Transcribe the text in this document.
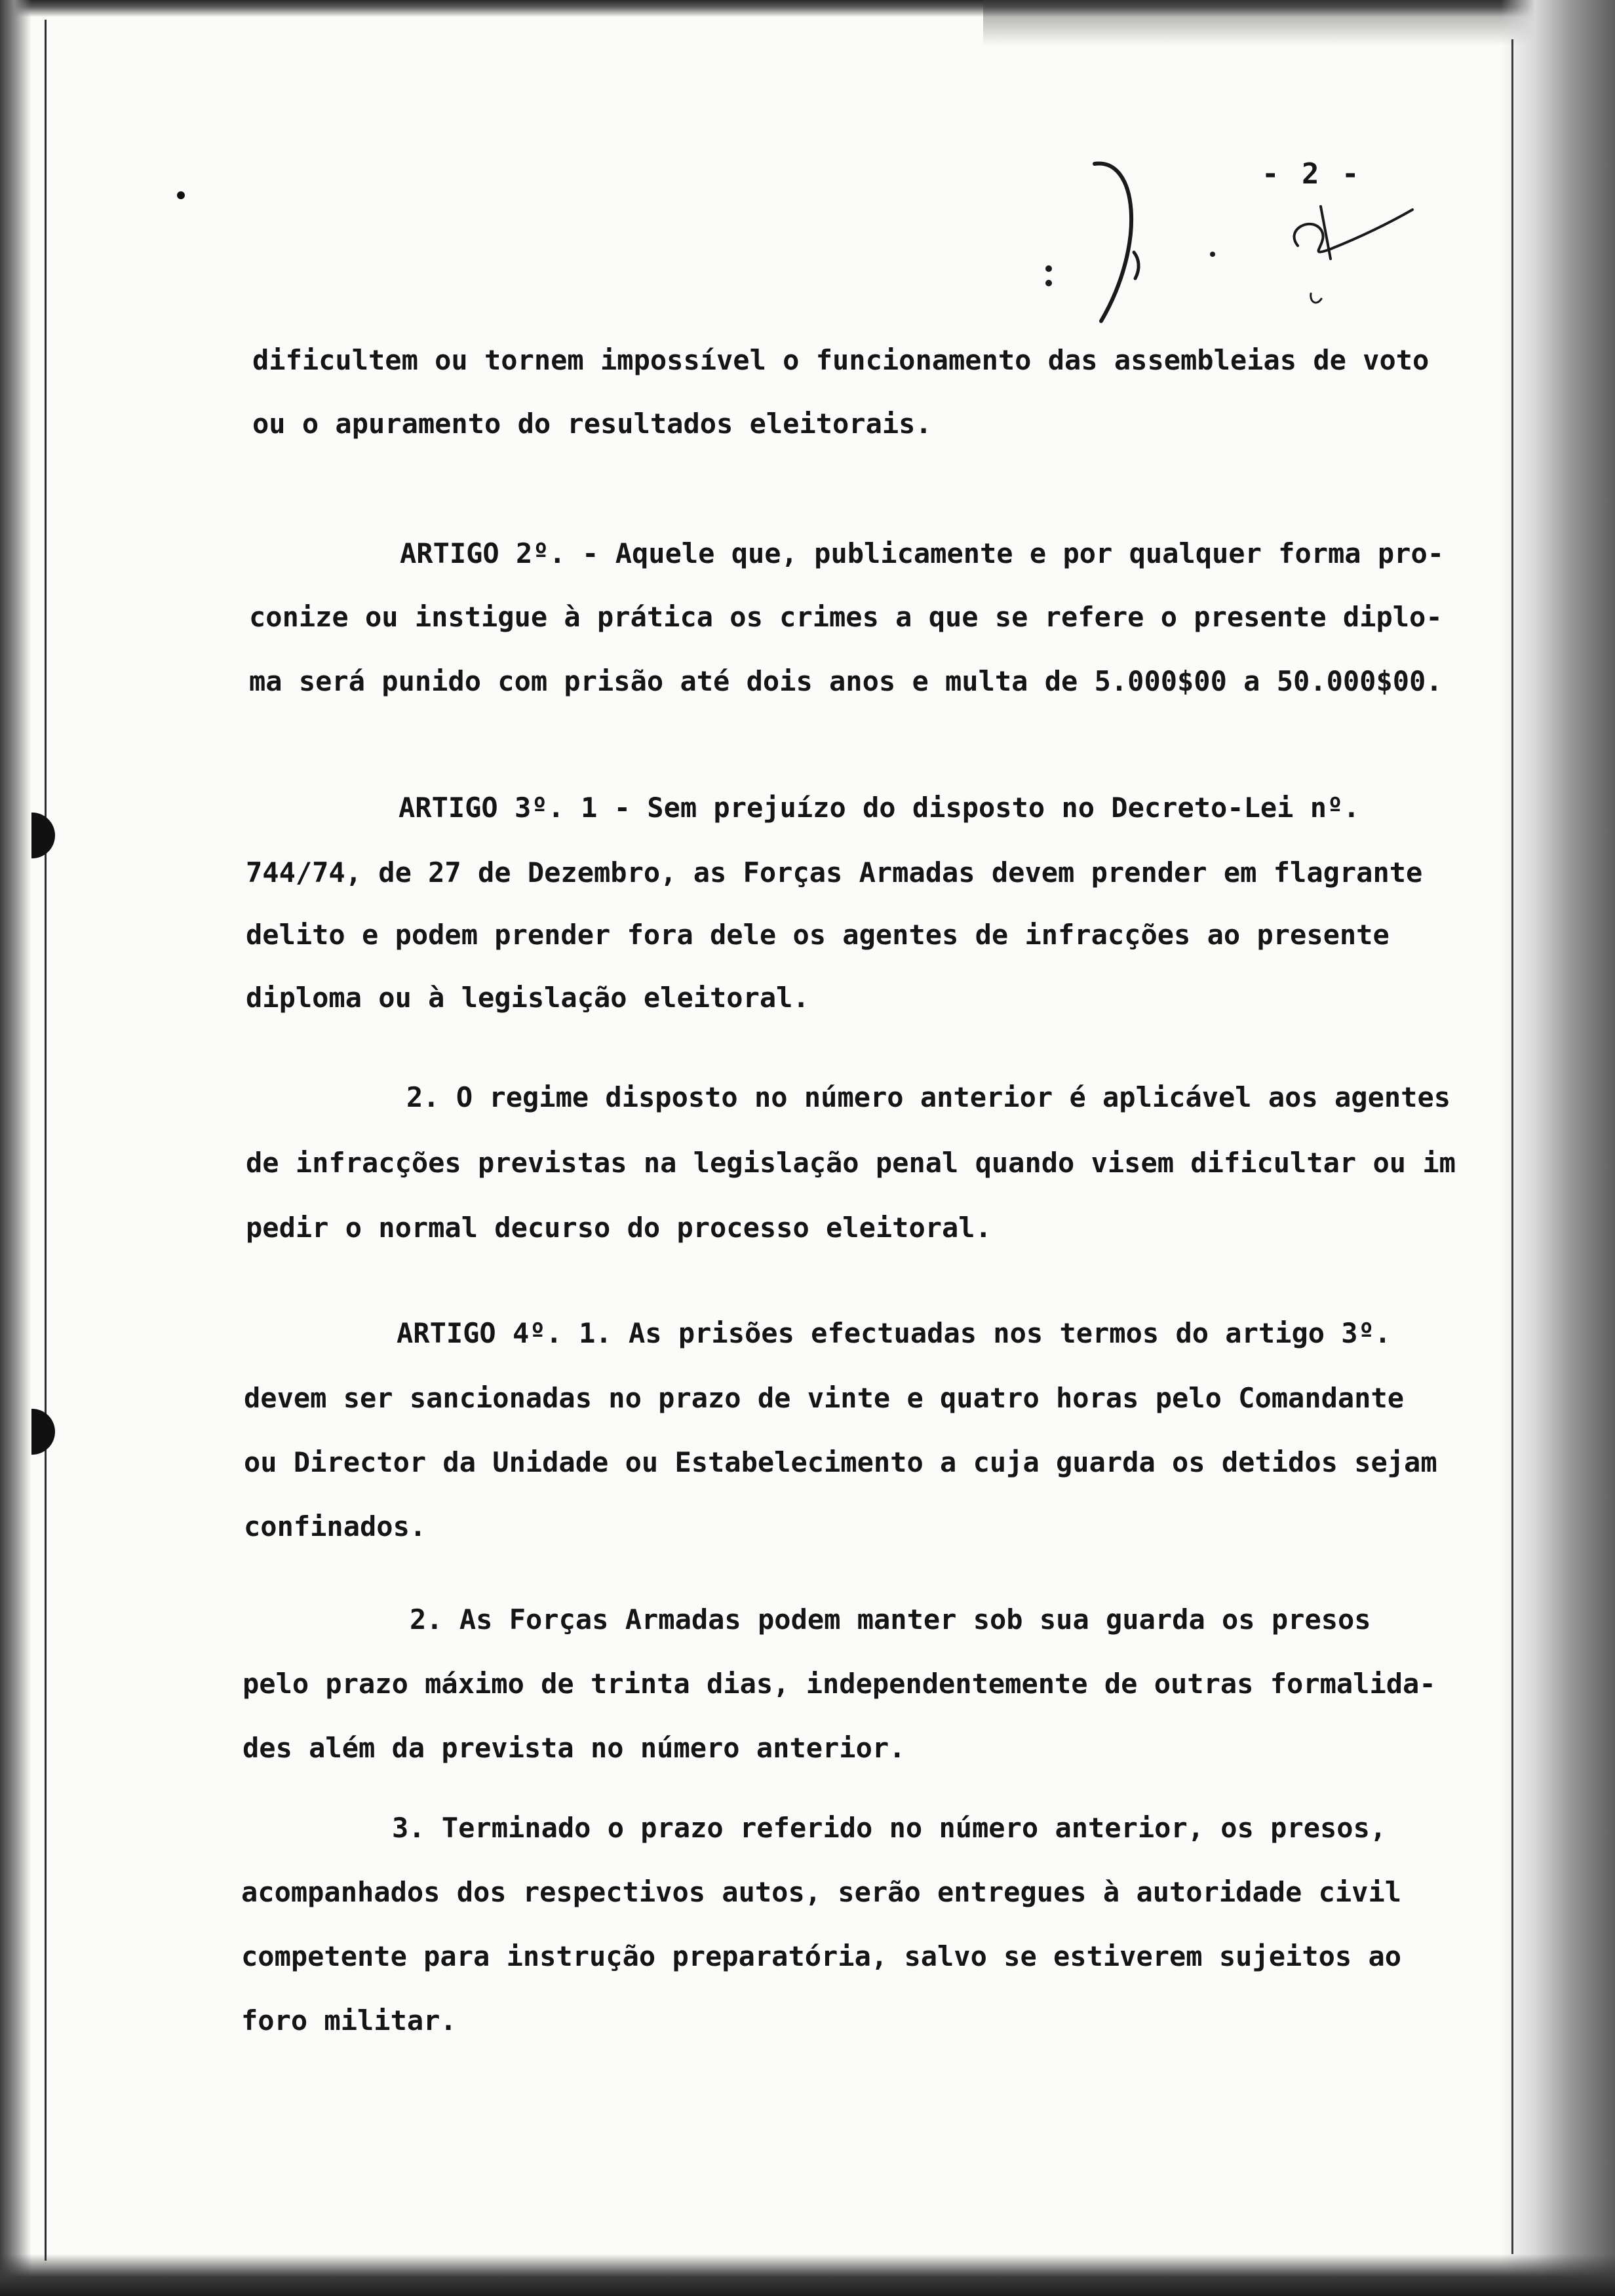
- 2 -
dificultem ou tornem impossível o funcionamento das assembleias de voto
ou o apuramento do resultados eleitorais.
ARTIGO 2º. - Aquele que, publicamente e por qualquer forma pro-
conize ou instigue à prática os crimes a que se refere o presente diplo-
ma será punido com prisão até dois anos e multa de 5.000$00 a 50.000$00.
ARTIGO 3º. 1 - Sem prejuízo do disposto no Decreto-Lei nº.
744/74, de 27 de Dezembro, as Forças Armadas devem prender em flagrante
delito e podem prender fora dele os agentes de infracções ao presente
diploma ou à legislação eleitoral.
2. O regime disposto no número anterior é aplicável aos agentes
de infracções previstas na legislação penal quando visem dificultar ou im
pedir o normal decurso do processo eleitoral.
ARTIGO 4º. 1. As prisões efectuadas nos termos do artigo 3º.
devem ser sancionadas no prazo de vinte e quatro horas pelo Comandante
ou Director da Unidade ou Estabelecimento a cuja guarda os detidos sejam
confinados.
2. As Forças Armadas podem manter sob sua guarda os presos
pelo prazo máximo de trinta dias, independentemente de outras formalida-
des além da prevista no número anterior.
3. Terminado o prazo referido no número anterior, os presos,
acompanhados dos respectivos autos, serão entregues à autoridade civil
competente para instrução preparatória, salvo se estiverem sujeitos ao
foro militar.
